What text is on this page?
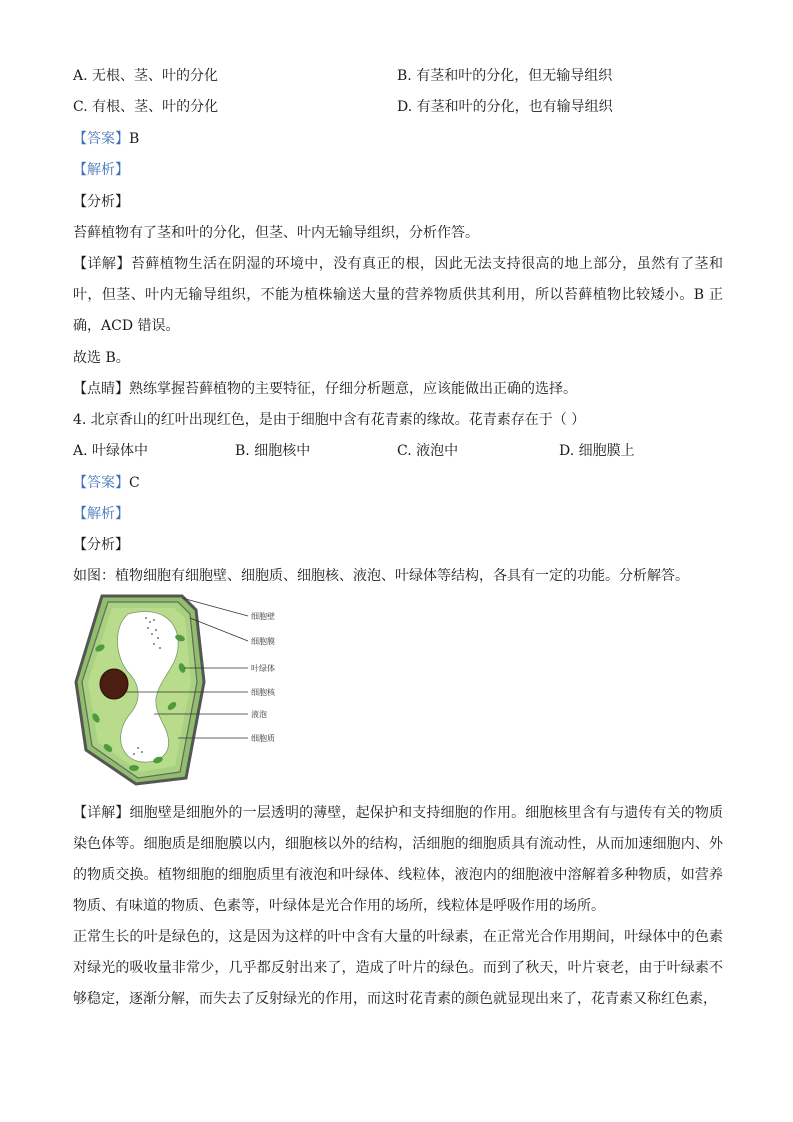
A. 无根、茎、叶的分化	B. 有茎和叶的分化，但无输导组织
C. 有根、茎、叶的分化	D. 有茎和叶的分化，也有输导组织
【答案】B
【解析】
【分析】
苔藓植物有了茎和叶的分化，但茎、叶内无输导组织，分析作答。
【详解】苔藓植物生活在阴湿的环境中，没有真正的根，因此无法支持很高的地上部分，虽然有了茎和叶，但茎、叶内无输导组织，不能为植株输送大量的营养物质供其利用，所以苔藓植物比较矮小。B 正确，ACD 错误。
故选 B。
【点睛】熟练掌握苔藓植物的主要特征，仔细分析题意，应该能做出正确的选择。
4. 北京香山的红叶出现红色，是由于细胞中含有花青素的缘故。花青素存在于（ ）
A. 叶绿体中	B. 细胞核中	C. 液泡中	D. 细胞膜上
【答案】C
【解析】
【分析】
如图：植物细胞有细胞壁、细胞质、细胞核、液泡、叶绿体等结构，各具有一定的功能。分析解答。
细胞壁
细胞膜
叶绿体
细胞核
液泡
细胞质
【详解】细胞壁是细胞外的一层透明的薄壁，起保护和支持细胞的作用。细胞核里含有与遗传有关的物质染色体等。细胞质是细胞膜以内，细胞核以外的结构，活细胞的细胞质具有流动性，从而加速细胞内、外的物质交换。植物细胞的细胞质里有液泡和叶绿体、线粒体，液泡内的细胞液中溶解着多种物质，如营养物质、有味道的物质、色素等，叶绿体是光合作用的场所，线粒体是呼吸作用的场所。
正常生长的叶是绿色的，这是因为这样的叶中含有大量的叶绿素，在正常光合作用期间，叶绿体中的色素对绿光的吸收量非常少，几乎都反射出来了，造成了叶片的绿色。而到了秋天，叶片衰老，由于叶绿素不够稳定，逐渐分解，而失去了反射绿光的作用，而这时花青素的颜色就显现出来了，花青素又称红色素，
